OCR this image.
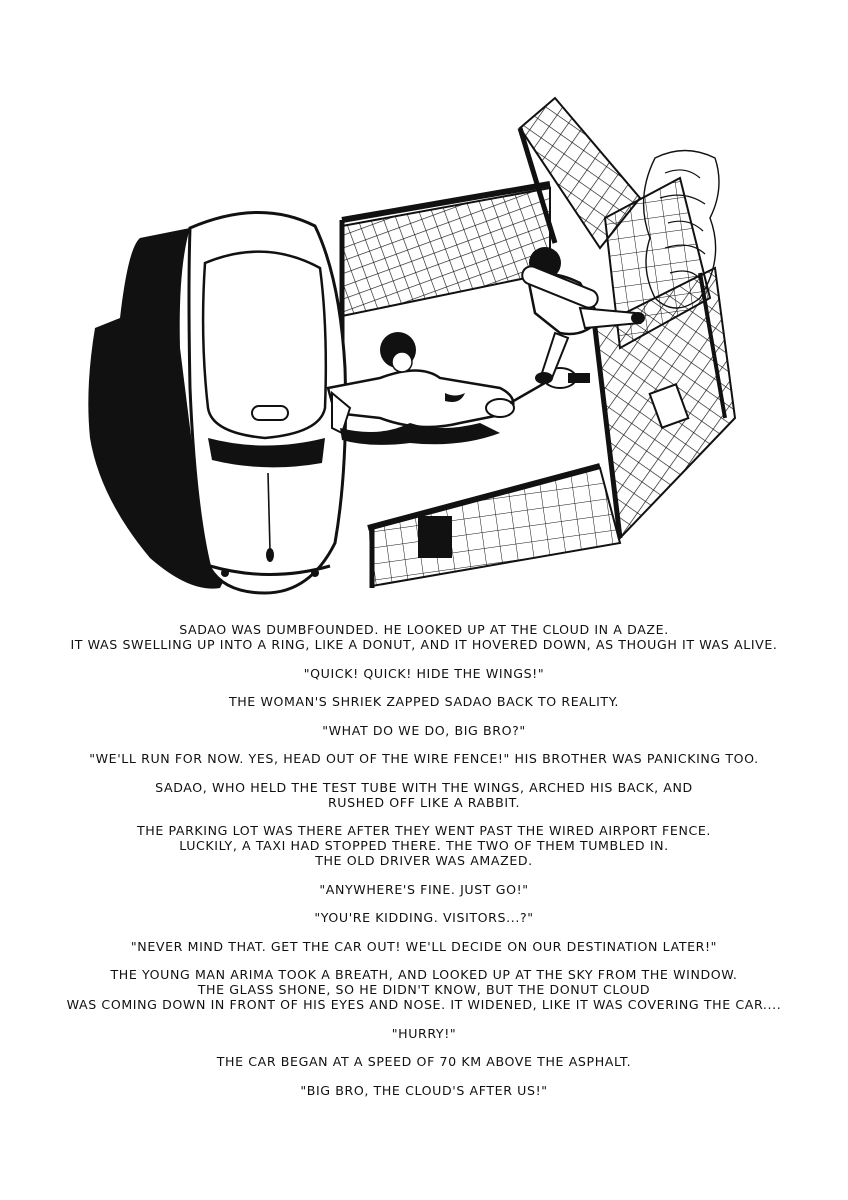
SADAO WAS DUMBFOUNDED. HE LOOKED UP AT THE CLOUD IN A DAZE.
IT WAS SWELLING UP INTO A RING, LIKE A DONUT, AND IT HOVERED DOWN, AS THOUGH IT WAS ALIVE.

"QUICK! QUICK! HIDE THE WINGS!"

THE WOMAN'S SHRIEK ZAPPED SADAO BACK TO REALITY.

"WHAT DO WE DO, BIG BRO?"

"WE'LL RUN FOR NOW. YES, HEAD OUT OF THE WIRE FENCE!" HIS BROTHER WAS PANICKING TOO.

SADAO, WHO HELD THE TEST TUBE WITH THE WINGS, ARCHED HIS BACK, AND
RUSHED OFF LIKE A RABBIT.

THE PARKING LOT WAS THERE AFTER THEY WENT PAST THE WIRED AIRPORT FENCE.
LUCKILY, A TAXI HAD STOPPED THERE. THE TWO OF THEM TUMBLED IN.
THE OLD DRIVER WAS AMAZED.

"ANYWHERE'S FINE. JUST GO!"

"YOU'RE KIDDING. VISITORS...?"

"NEVER MIND THAT. GET THE CAR OUT! WE'LL DECIDE ON OUR DESTINATION LATER!"

THE YOUNG MAN ARIMA TOOK A BREATH, AND LOOKED UP AT THE SKY FROM THE WINDOW.
THE GLASS SHONE, SO HE DIDN'T KNOW, BUT THE DONUT CLOUD
WAS COMING DOWN IN FRONT OF HIS EYES AND NOSE. IT WIDENED, LIKE IT WAS COVERING THE CAR....

"HURRY!"

THE CAR BEGAN AT A SPEED OF 70 KM ABOVE THE ASPHALT.

"BIG BRO, THE CLOUD'S AFTER US!"
